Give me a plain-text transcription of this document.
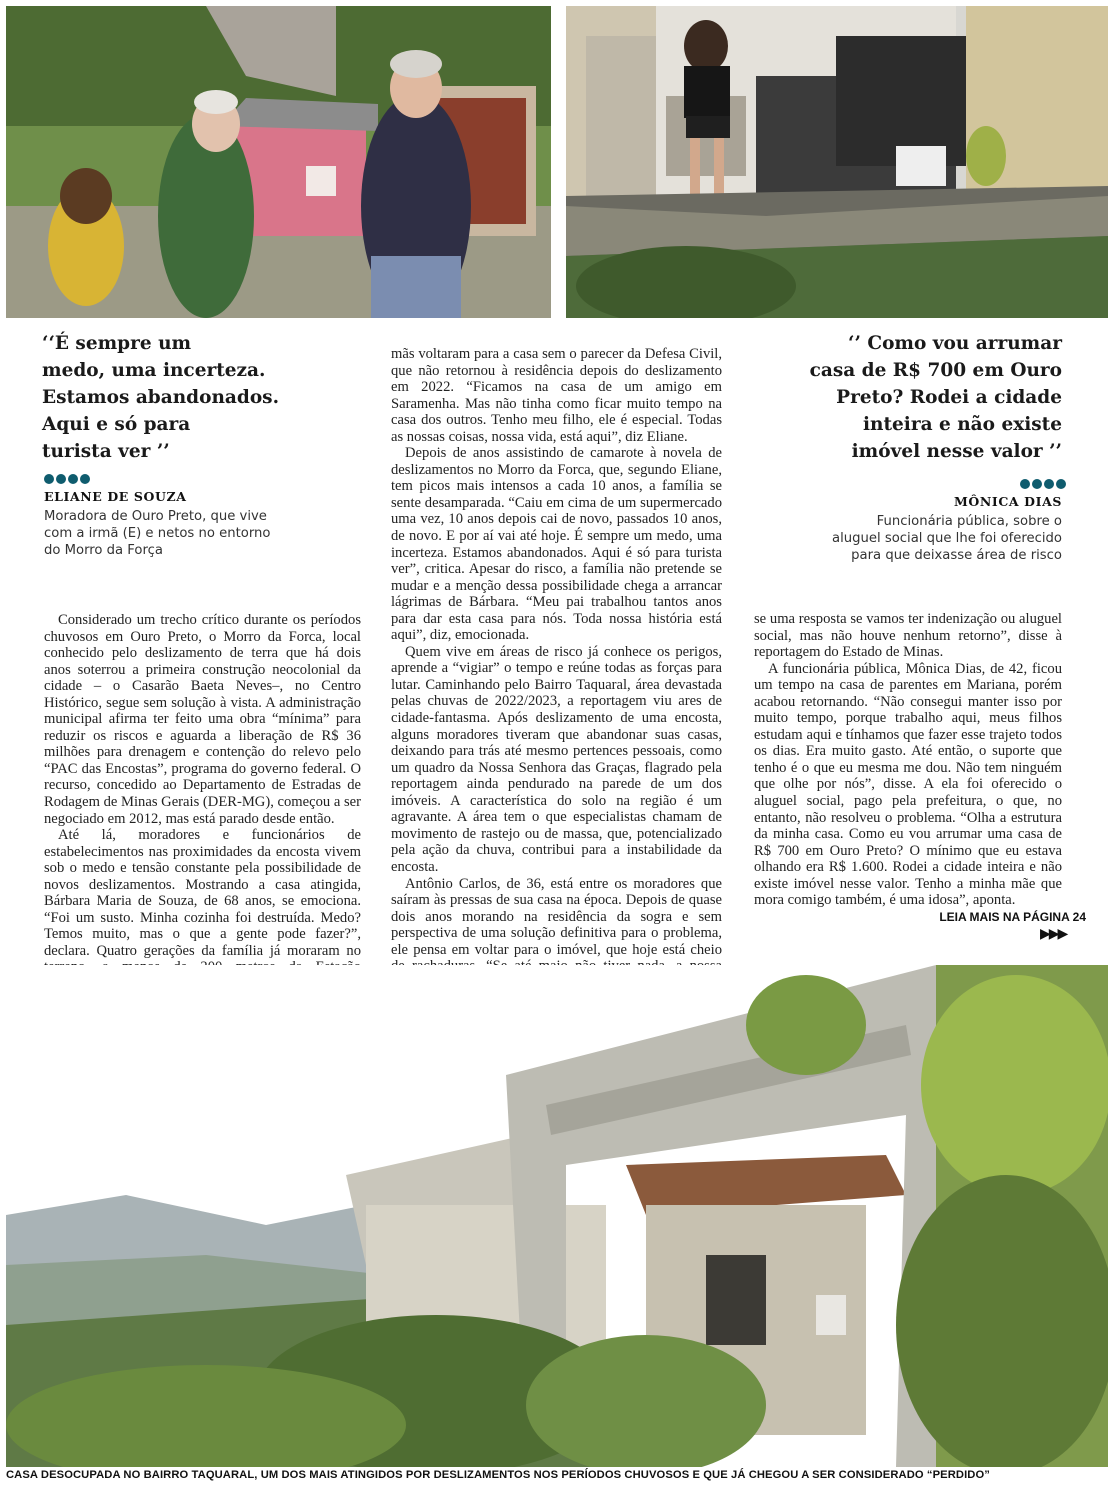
‘‘É sempre um
medo, uma incerteza.
Estamos abandonados.
Aqui e só para
turista ver ’’
ELIANE DE SOUZA
Moradora de Ouro Preto, que vive
com a irmã (E) e netos no entorno
do Morro da Força
‘’ Como vou arrumar
casa de R$ 700 em Ouro
Preto? Rodei a cidade
inteira e não existe
imóvel nesse valor ’’
MÔNICA DIAS
Funcionária pública, sobre o
aluguel social que lhe foi oferecido
para que deixasse área de risco

Considerado um trecho crítico durante os períodos chuvosos em Ouro Preto, o Morro da Forca, local conhecido pelo deslizamento de terra que há dois anos soterrou a primeira construção neocolonial da cidade – o Casarão Baeta Neves–, no Centro Histórico, segue sem solução à vista. A administração municipal afirma ter feito uma obra “mínima” para reduzir os riscos e aguarda a liberação de R$ 36 milhões para drenagem e contenção do relevo pelo “PAC das Encostas”, programa do governo federal. O recurso, concedido ao Departamento de Estradas de Rodagem de Minas Gerais (DER-MG), começou a ser negociado em 2012, mas está parado desde então.

Até lá, moradores e funcionários de estabelecimentos nas proximidades da encosta vivem sob o medo e tensão constante pela possibilidade de novos deslizamentos. Mostrando a casa atingida, Bárbara Maria de Souza, de 68 anos, se emociona. “Foi um susto. Minha cozinha foi destruída. Medo? Temos muito, mas o que a gente pode fazer?”, declara. Quatro gerações da família já moraram no

mãs voltaram para a casa sem o parecer da Defesa Civil, que não retornou à residência depois do deslizamento em 2022. “Ficamos na casa de um amigo em Saramenha. Mas não tinha como ficar muito tempo na casa dos outros. Tenho meu filho, ele é especial. Todas as nossas coisas, nossa vida, está aqui”, diz Eliane.

Depois de anos assistindo de camarote à novela de deslizamentos no Morro da Forca, que, segundo Eliane, tem picos mais intensos a cada 10 anos, a família se sente desamparada. “Caiu em cima de um supermercado uma vez, 10 anos depois cai de novo, passados 10 anos, de novo. E por aí vai até hoje. É sempre um medo, uma incerteza. Estamos abandonados. Aqui é só para turista ver”, critica. Apesar do risco, a família não pretende se mudar e a menção dessa possibilidade chega a arrancar lágrimas de Bárbara. “Meu pai trabalhou tantos anos para dar esta casa para nós. Toda nossa história está aqui”, diz, emocionada.

Quem vive em áreas de risco já conhece os perigos, aprende a “vigiar” o tempo e reúne todas as forças para lutar. Caminhando pelo Bairro Taquaral, área devastada pelas chuvas de 2022/2023, a reportagem viu ares de cidade-fantasma. Após deslizamento de uma encosta, alguns moradores tiveram que abandonar suas casas, deixando para trás até mesmo pertences pessoais, como um quadro da Nossa Senhora das Graças, flagrado pela reportagem ainda pendurado na parede de um dos imóveis. A característica do solo na região é um agravante. A área tem o que especialistas chamam de movimento de rastejo ou de massa, que, potencializado pela ação da chuva, contribui para a instabilidade da encosta.

Antônio Carlos, de 36, está entre os moradores que saíram às pressas de sua casa na época. Depois de quase dois anos morando na residência da sogra e sem perspectiva de uma solução definitiva para o problema, ele pensa em voltar para o imóvel, que hoje está cheio

se uma resposta se vamos ter indenização ou aluguel social, mas não houve nenhum retorno”, disse à reportagem do Estado de Minas.

A funcionária pública, Mônica Dias, de 42, ficou um tempo na casa de parentes em Mariana, porém acabou retornando. “Não consegui manter isso por muito tempo, porque trabalho aqui, meus filhos estudam aqui e tínhamos que fazer esse trajeto todos os dias. Era muito gasto. Até então, o suporte que tenho é o que eu mesma me dou. Não tem ninguém que olhe por nós”, disse. A ela foi oferecido o aluguel social, pago pela prefeitura, o que, no entanto, não resolveu o problema. “Olha a estrutura da minha casa. Como eu vou arrumar uma casa de R$ 700 em Ouro Preto? O mínimo que eu estava olhando era R$ 1.600. Rodei a cidade inteira e não existe imóvel nesse valor. Tenho a minha mãe que mora comigo também, é uma idosa”, aponta.

LEIA MAIS NA PÁGINA 24
▶▶▶
CASA DESOCUPADA NO BAIRRO TAQUARAL, UM DOS MAIS ATINGIDOS POR DESLIZAMENTOS NOS PERÍODOS CHUVOSOS E QUE JÁ CHEGOU A SER CONSIDERADO “PERDIDO”
